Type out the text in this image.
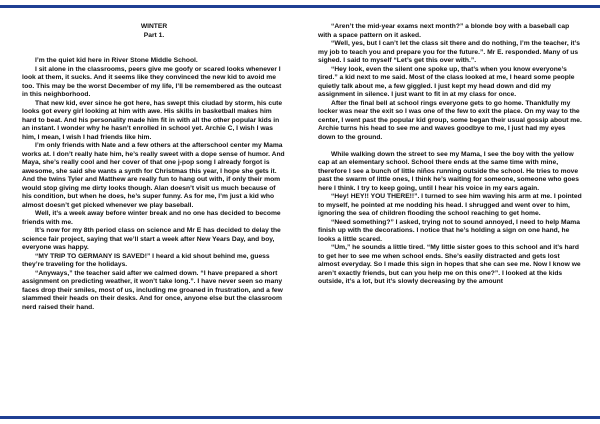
WINTER
Part 1.

I’m the quiet kid here in River Stone Middle School.

I sit alone in the classrooms, peers give me goofy or scared looks whenever I look at them, it sucks. And it seems like they convinced the new kid to avoid me too. This may be the worst December of my life, I’ll be remembered as the outcast in this neighborhood.

That new kid, ever since he got here, has swept this ciudad by storm, his cute looks got every girl looking at him with awe. His skills in basketball makes him hard to beat. And his personality made him fit in with all the other popular kids in an instant. I wonder why he hasn’t enrolled in school yet. Archie C, I wish I was him, I mean, I wish I had friends like him.

I’m only friends with Nate and a few others at the afterschool center my Mama works at. I don’t really hate him, he’s really sweet with a dope sense of humor. And Maya, she’s really cool and her cover of that one j-pop song I already forgot is awesome, she said she wants a synth for Christmas this year, I hope she gets it. And the twins Tyler and Matthew are really fun to hang out with, if only their mom would stop giving me dirty looks though. Alan doesn’t visit us much because of his condition, but when he does, he’s super funny. As for me, I’m just a kid who almost doesn’t get picked whenever we play baseball.

Well, it’s a week away before winter break and no one has decided to become friends with me.

It’s now for my 8th period class on science and Mr E has decided to delay the science fair project, saying that we’ll start a week after New Years Day, and boy, everyone was happy.

“MY TRIP TO GERMANY IS SAVED!” I heard a kid shout behind me, guess they’re traveling for the holidays.

“Anyways,” the teacher said after we calmed down. “I have prepared a short assignment on predicting weather, it won’t take long.”. I have never seen so many faces drop their smiles, most of us, including me groaned in frustration, and a few slammed their heads on their desks. And for once, anyone else but the classroom nerd raised their hand.

“Aren’t the mid-year exams next month?” a blonde boy with a baseball cap with a space pattern on it asked.

“Well, yes, but I can’t let the class sit there and do nothing, I’m the teacher, it’s my job to teach you and prepare you for the future.”. Mr E. responded. Many of us sighed. I said to myself “Let’s get this over with.”.

“Hey look, even the silent one spoke up, that’s when you know everyone’s tired.” a kid next to me said. Most of the class looked at me, I heard some people quietly talk about me, a few giggled. I just kept my head down and did my assignment in silence. I just want to fit in at my class for once.

After the final bell at school rings everyone gets to go home. Thankfully my locker was near the exit so I was one of the few to exit the place. On my way to the center, I went past the popular kid group, some began their usual gossip about me. Archie turns his head to see me and waves goodbye to me, I just had my eyes down to the ground.

While walking down the street to see my Mama, I see the boy with the yellow cap at an elementary school. School there ends at the same time with mine, therefore I see a bunch of little niños running outside the school. He tries to move past the swarm of little ones, I think he’s waiting for someone, someone who goes here I think. I try to keep going, until I hear his voice in my ears again.

“Hey! HEY!! YOU THERE!!”. I turned to see him waving his arm at me. I pointed to myself, he pointed at me nodding his head. I shrugged and went over to him, ignoring the sea of children flooding the school reaching to get home.

“Need something?” I asked, trying not to sound annoyed, I need to help Mama finish up with the decorations. I notice that he’s holding a sign on one hand, he looks a little scared.

“Um,” he sounds a little tired. “My little sister goes to this school and it’s hard to get her to see me when school ends. She’s easily distracted and gets lost almost everyday. So I made this sign in hopes that she can see me. Now I know we aren’t exactly friends, but can you help me on this one?”. I looked at the kids outside, it’s a lot, but it’s slowly decreasing by the amount
